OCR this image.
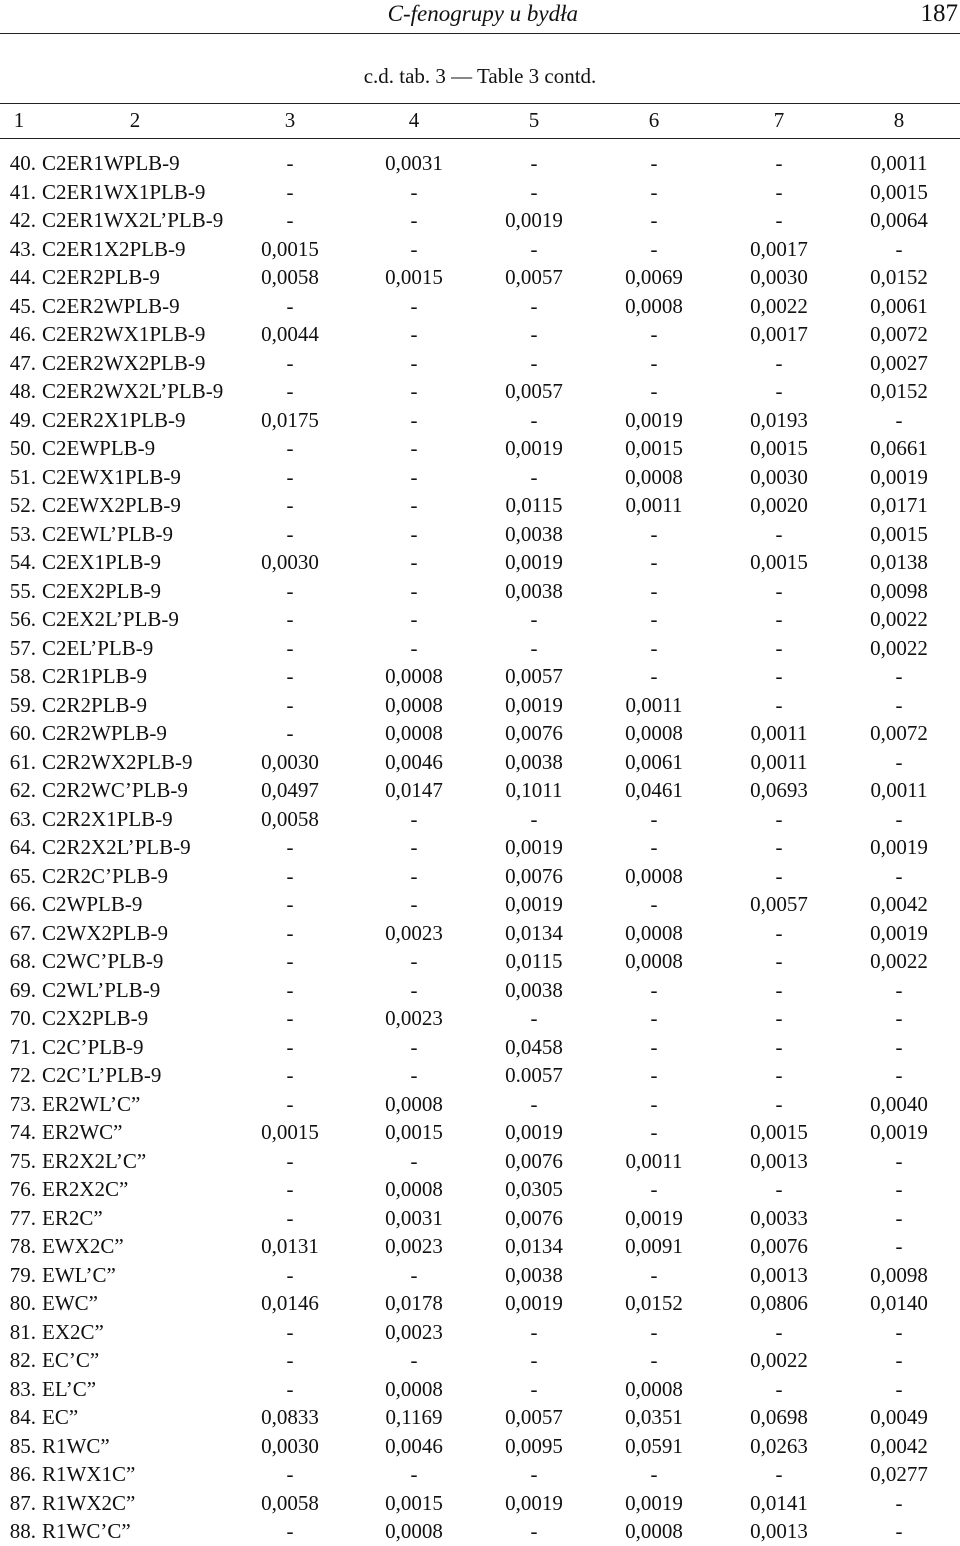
C-fenogrupy u bydła	187
c.d. tab. 3 — Table 3 contd.
1	2	3	4	5	6	7	8
40. C2ER1WPLB-9	-	0,0031	-	-	-	0,0011
41. C2ER1WX1PLB-9	-	-	-	-	-	0,0015
42. C2ER1WX2L’PLB-9	-	-	0,0019	-	-	0,0064
43. C2ER1X2PLB-9	0,0015	-	-	-	0,0017	-
44. C2ER2PLB-9	0,0058	0,0015	0,0057	0,0069	0,0030	0,0152
45. C2ER2WPLB-9	-	-	-	0,0008	0,0022	0,0061
46. C2ER2WX1PLB-9	0,0044	-	-	-	0,0017	0,0072
47. C2ER2WX2PLB-9	-	-	-	-	-	0,0027
48. C2ER2WX2L’PLB-9	-	-	0,0057	-	-	0,0152
49. C2ER2X1PLB-9	0,0175	-	-	0,0019	0,0193	-
50. C2EWPLB-9	-	-	0,0019	0,0015	0,0015	0,0661
51. C2EWX1PLB-9	-	-	-	0,0008	0,0030	0,0019
52. C2EWX2PLB-9	-	-	0,0115	0,0011	0,0020	0,0171
53. C2EWL’PLB-9	-	-	0,0038	-	-	0,0015
54. C2EX1PLB-9	0,0030	-	0,0019	-	0,0015	0,0138
55. C2EX2PLB-9	-	-	0,0038	-	-	0,0098
56. C2EX2L’PLB-9	-	-	-	-	-	0,0022
57. C2EL’PLB-9	-	-	-	-	-	0,0022
58. C2R1PLB-9	-	0,0008	0,0057	-	-	-
59. C2R2PLB-9	-	0,0008	0,0019	0,0011	-	-
60. C2R2WPLB-9	-	0,0008	0,0076	0,0008	0,0011	0,0072
61. C2R2WX2PLB-9	0,0030	0,0046	0,0038	0,0061	0,0011	-
62. C2R2WC’PLB-9	0,0497	0,0147	0,1011	0,0461	0,0693	0,0011
63. C2R2X1PLB-9	0,0058	-	-	-	-	-
64. C2R2X2L’PLB-9	-	-	0,0019	-	-	0,0019
65. C2R2C’PLB-9	-	-	0,0076	0,0008	-	-
66. C2WPLB-9	-	-	0,0019	-	0,0057	0,0042
67. C2WX2PLB-9	-	0,0023	0,0134	0,0008	-	0,0019
68. C2WC’PLB-9	-	-	0,0115	0,0008	-	0,0022
69. C2WL’PLB-9	-	-	0,0038	-	-	-
70. C2X2PLB-9	-	0,0023	-	-	-	-
71. C2C’PLB-9	-	-	0,0458	-	-	-
72. C2C’L’PLB-9	-	-	0.0057	-	-	-
73. ER2WL’C”	-	0,0008	-	-	-	0,0040
74. ER2WC”	0,0015	0,0015	0,0019	-	0,0015	0,0019
75. ER2X2L’C”	-	-	0,0076	0,0011	0,0013	-
76. ER2X2C”	-	0,0008	0,0305	-	-	-
77. ER2C”	-	0,0031	0,0076	0,0019	0,0033	-
78. EWX2C”	0,0131	0,0023	0,0134	0,0091	0,0076	-
79. EWL’C”	-	-	0,0038	-	0,0013	0,0098
80. EWC”	0,0146	0,0178	0,0019	0,0152	0,0806	0,0140
81. EX2C”	-	0,0023	-	-	-	-
82. EC’C”	-	-	-	-	0,0022	-
83. EL’C”	-	0,0008	-	0,0008	-	-
84. EC”	0,0833	0,1169	0,0057	0,0351	0,0698	0,0049
85. R1WC”	0,0030	0,0046	0,0095	0,0591	0,0263	0,0042
86. R1WX1C”	-	-	-	-	-	0,0277
87. R1WX2C”	0,0058	0,0015	0,0019	0,0019	0,0141	-
88. R1WC’C”	-	0,0008	-	0,0008	0,0013	-
